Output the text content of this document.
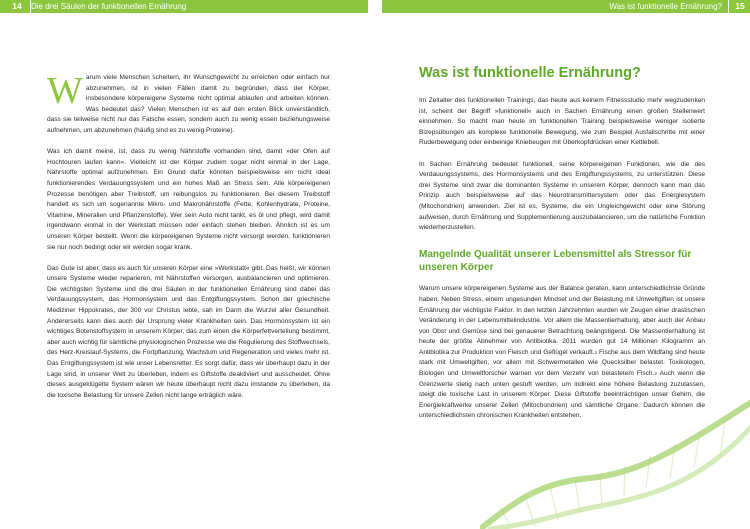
14	Die drei Säulen der funktionellen Ernährung	Was ist funktionelle Ernährung?	15

Warum viele Menschen scheitern, ihr Wunschgewicht zu erreichen oder einfach nur abzunehmen, ist in vielen Fällen damit zu begründen, dass der Körper, insbesondere körpereigene Systeme nicht optimal ablaufen und arbeiten können. Was bedeutet das? Vielen Menschen ist es auf den ersten Blick unverständlich, dass sie teilweise nicht nur das Falsche essen, sondern auch zu wenig essen beziehungsweise aufnehmen, um abzunehmen (häufig sind es zu wenig Proteine).

Was ich damit meine, ist, dass zu wenig Nährstoffe vorhanden sind, damit »der Ofen auf Hochtouren laufen kann«. Vielleicht ist der Körper zudem sogar nicht einmal in der Lage, Nährstoffe optimal aufzunehmen. Ein Grund dafür könnten beispielsweise ein nicht ideal funktionierendes Verdauungssystem und ein hohes Maß an Stress sein. Alle körpereigenen Prozesse benötigen aber Treibstoff, um reibungslos zu funktionieren. Bei diesem Treibstoff handelt es sich um sogenannte Mikro- und Makronährstoffe (Fette, Kohlenhydrate, Proteine, Vitamine, Mineralien und Pflanzenstoffe). Wer sein Auto nicht tankt, es öl und pflegt, wird damit irgendwann einmal in der Werkstatt müssen oder einfach stehen bleiben. Ähnlich ist es um unseren Körper bestellt. Wenn die körpereigenen Systeme nicht versorgt werden, funktionieren sie nur noch bedingt oder wir werden sogar krank.

Das Gute ist aber, dass es auch für unseren Körper eine »Werkstatt« gibt. Das heißt, wir können unsere Systeme wieder reparieren, mit Nährstoffen versorgen, ausbalancieren und optimieren. Die wichtigsten Systeme und die drei Säulen in der funktionellen Ernährung sind dabei das Verdauungssystem, das Hormonsystem und das Entgiftungssystem. Schon der griechische Mediziner Hippokrates, der 300 vor Christus lebte, sah im Darm die Wurzel aller Gesundheit. Andererseits kann dies auch der Ursprung vieler Krankheiten sein. Das Hormonsystem ist ein wichtiges Botenstoffsystem in unserem Körper, das zum einen die Körperfettverteilung bestimmt, aber auch wichtig für sämtliche physiologischen Prozesse wie die Regulierung des Stoffwechsels, des Herz-Kreislauf-Systems, die Fortpflanzung, Wachstum und Regeneration und vieles mehr ist. Das Entgiftungssystem ist wie unser Lebensretter. Es sorgt dafür, dass wir überhaupt dazu in der Lage sind, in unserer Welt zu überleben, indem es Giftstoffe deaktiviert und ausscheidet. Ohne dieses ausgeklügelte System wären wir heute überhaupt nicht dazu imstande zu überleben, da die toxische Belastung für unsere Zellen nicht lange erträglich wäre.

Was ist funktionelle Ernährung?

Im Zeitalter des funktionellen Trainings, das heute aus keinem Fitnessstudio mehr wegzudenken ist, scheint der Begriff »funktionell« auch in Sachen Ernährung einen großen Stellenwert einnehmen. So macht man heute im funktionellen Training beispielsweise weniger isolierte Bizepsübungen als komplexe funktionelle Bewegung, wie zum Beispiel Ausfallschritte mit einer Ruderbewegung oder einbeinige Kniebeugen mit Überkopfdrücken einer Kettlebell.

In Sachen Ernährung bedeutet funktionell, seine körpereigenen Funktionen, wie die des Verdauungssystems, des Hormonsystems und des Entgiftungssystems, zu unterstützen. Diese drei Systeme sind zwar die dominanten Systeme in unserem Körper, dennoch kann man das Prinzip auch beispielsweise auf das Neurotransmittersystem oder das Energiesystem (Mitochondrien) anwenden. Ziel ist es, Systeme, die ein Ungleichgewicht oder eine Störung aufweisen, durch Ernährung und Supplementierung auszubalancieren, um die natürliche Funktion wiederherzustellen.

Mangelnde Qualität unserer Lebensmittel als Stressor für unseren Körper

Warum unsere körpereigenen Systeme aus der Balance geraten, kann unterschiedlichste Gründe haben. Neben Stress, einem ungesunden Mindset und der Belastung mit Umweltgiften ist unsere Ernährung der wichtigste Faktor. In den letzten Jahrzehnten wurden wir Zeugen einer drastischen Veränderung in der Lebensmittelindustrie. Vor allem die Massentierhaltung, aber auch der Anbau von Obst und Gemüse sind bei genauerer Betrachtung beängstigend. Die Massentierhaltung ist heute der größte Abnehmer von Antibiotika. 2011 wurden gut 14 Millionen Kilogramm an Antibiotika zur Produktion von Fleisch und Geflügel verkauft.$^1$ Fische aus dem Wildfang sind heute stark mit Umweltgiften, vor allem mit Schwermetallen wie Quecksilber belastet. Toxikologen, Biologen und Umweltforscher warnen vor dem Verzehr von belastetem Fisch.$^2$ Auch wenn die Grenzwerte stetig nach unten gestuft werden, um indirekt eine höhere Belastung zuzulassen, steigt die toxische Last in unserem Körper. Diese Giftstoffe beeinträchtigen unser Gehirn, die Energiekraftwerke unserer Zellen (Mitochondrien) und sämtliche Organe. Dadurch können die unterschiedlichsten chronischen Krankheiten entstehen.
